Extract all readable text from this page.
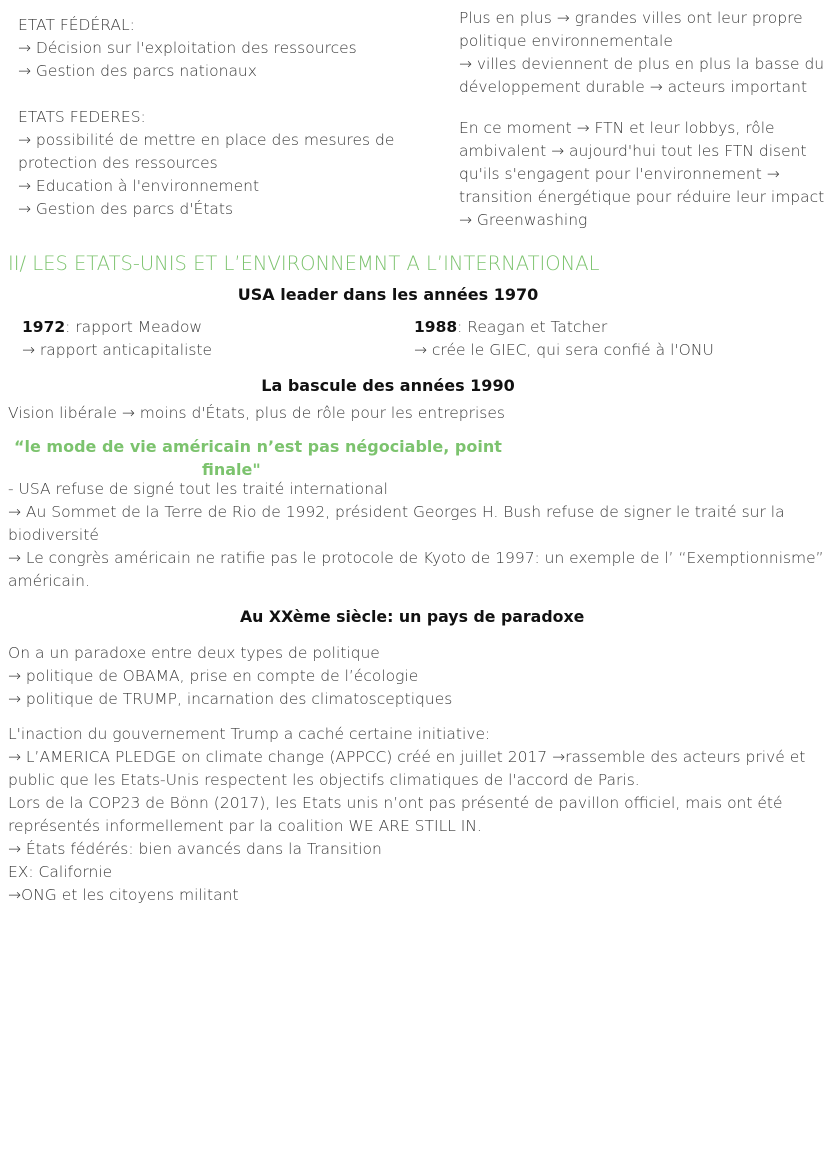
ETAT FÉDÉRAL:
→ Décision sur l'exploitation des ressources
→ Gestion des parcs nationaux
ETATS FEDERES:
→ possibilité de mettre en place des mesures de
protection des ressources
→ Education à l'environnement
→ Gestion des parcs d'États
Plus en plus → grandes villes ont leur propre
politique environnementale
→ villes deviennent de plus en plus la basse du
développement durable → acteurs important
En ce moment → FTN et leur lobbys, rôle
ambivalent → aujourd'hui tout les FTN disent
qu'ils s'engagent pour l'environnement →
transition énergétique pour réduire leur impact
→ Greenwashing
II/ LES ETATS-UNIS ET L’ENVIRONNEMNT A L’INTERNATIONAL
USA leader dans les années 1970
1972: rapport Meadow
→ rapport anticapitaliste
1988: Reagan et Tatcher
→ crée le GIEC, qui sera confié à l'ONU
La bascule des années 1990
Vision libérale → moins d'États, plus de rôle pour les entreprises
“le mode de vie américain n’est pas négociable, point
finale"
- USA refuse de signé tout les traité international
→ Au Sommet de la Terre de Rio de 1992, président Georges H. Bush refuse de signer le traité sur la
biodiversité
→ Le congrès américain ne ratifie pas le protocole de Kyoto de 1997: un exemple de l’ “Exemptionnisme”
américain.
Au XXème siècle: un pays de paradoxe
On a un paradoxe entre deux types de politique
→ politique de OBAMA, prise en compte de l’écologie
→ politique de TRUMP, incarnation des climatosceptiques
L'inaction du gouvernement Trump a caché certaine initiative:
→ L’AMERICA PLEDGE on climate change (APPCC) créé en juillet 2017 →rassemble des acteurs privé et
public que les Etats-Unis respectent les objectifs climatiques de l'accord de Paris.
Lors de la COP23 de Bönn (2017), les Etats unis n’ont pas présenté de pavillon officiel, mais ont été
représentés informellement par la coalition WE ARE STILL IN.
→ États fédérés: bien avancés dans la Transition
EX: Californie
→ONG et les citoyens militant
